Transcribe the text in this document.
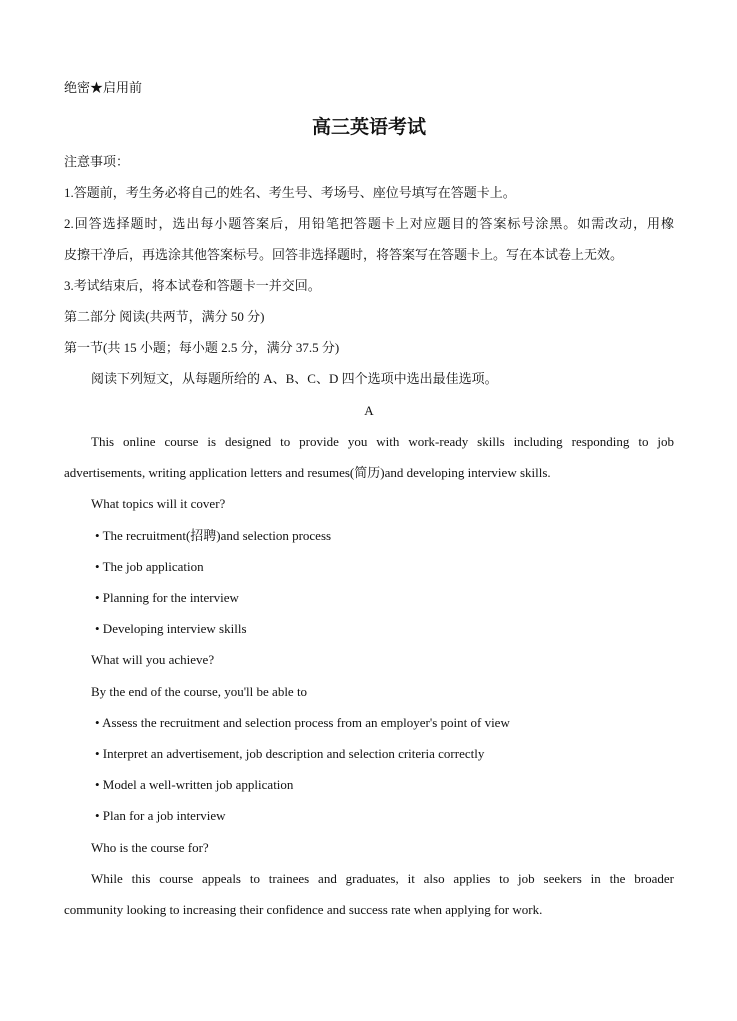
绝密★启用前
高三英语考试
注意事项：
1.答题前，考生务必将自己的姓名、考生号、考场号、座位号填写在答题卡上。
2.回答选择题时，选出每小题答案后，用铅笔把答题卡上对应题目的答案标号涂黑。如需改动，用橡
皮擦干净后，再选涂其他答案标号。回答非选择题时，将答案写在答题卡上。写在本试卷上无效。
3.考试结束后，将本试卷和答题卡一并交回。
第二部分 阅读(共两节，满分 50 分)
第一节(共 15 小题；每小题 2.5 分，满分 37.5 分)
阅读下列短文，从每题所给的 A、B、C、D 四个选项中选出最佳选项。
A
This online course is designed to provide you with work-ready skills including responding to job
advertisements, writing application letters and resumes(简历)and developing interview skills.
What topics will it cover?
• The recruitment(招聘)and selection process
• The job application
• Planning for the interview
• Developing interview skills
What will you achieve?
By the end of the course, you'll be able to
• Assess the recruitment and selection process from an employer's point of view
• Interpret an advertisement, job description and selection criteria correctly
• Model a well-written job application
• Plan for a job interview
Who is the course for?
While this course appeals to trainees and graduates, it also applies to job seekers in the broader
community looking to increasing their confidence and success rate when applying for work.
